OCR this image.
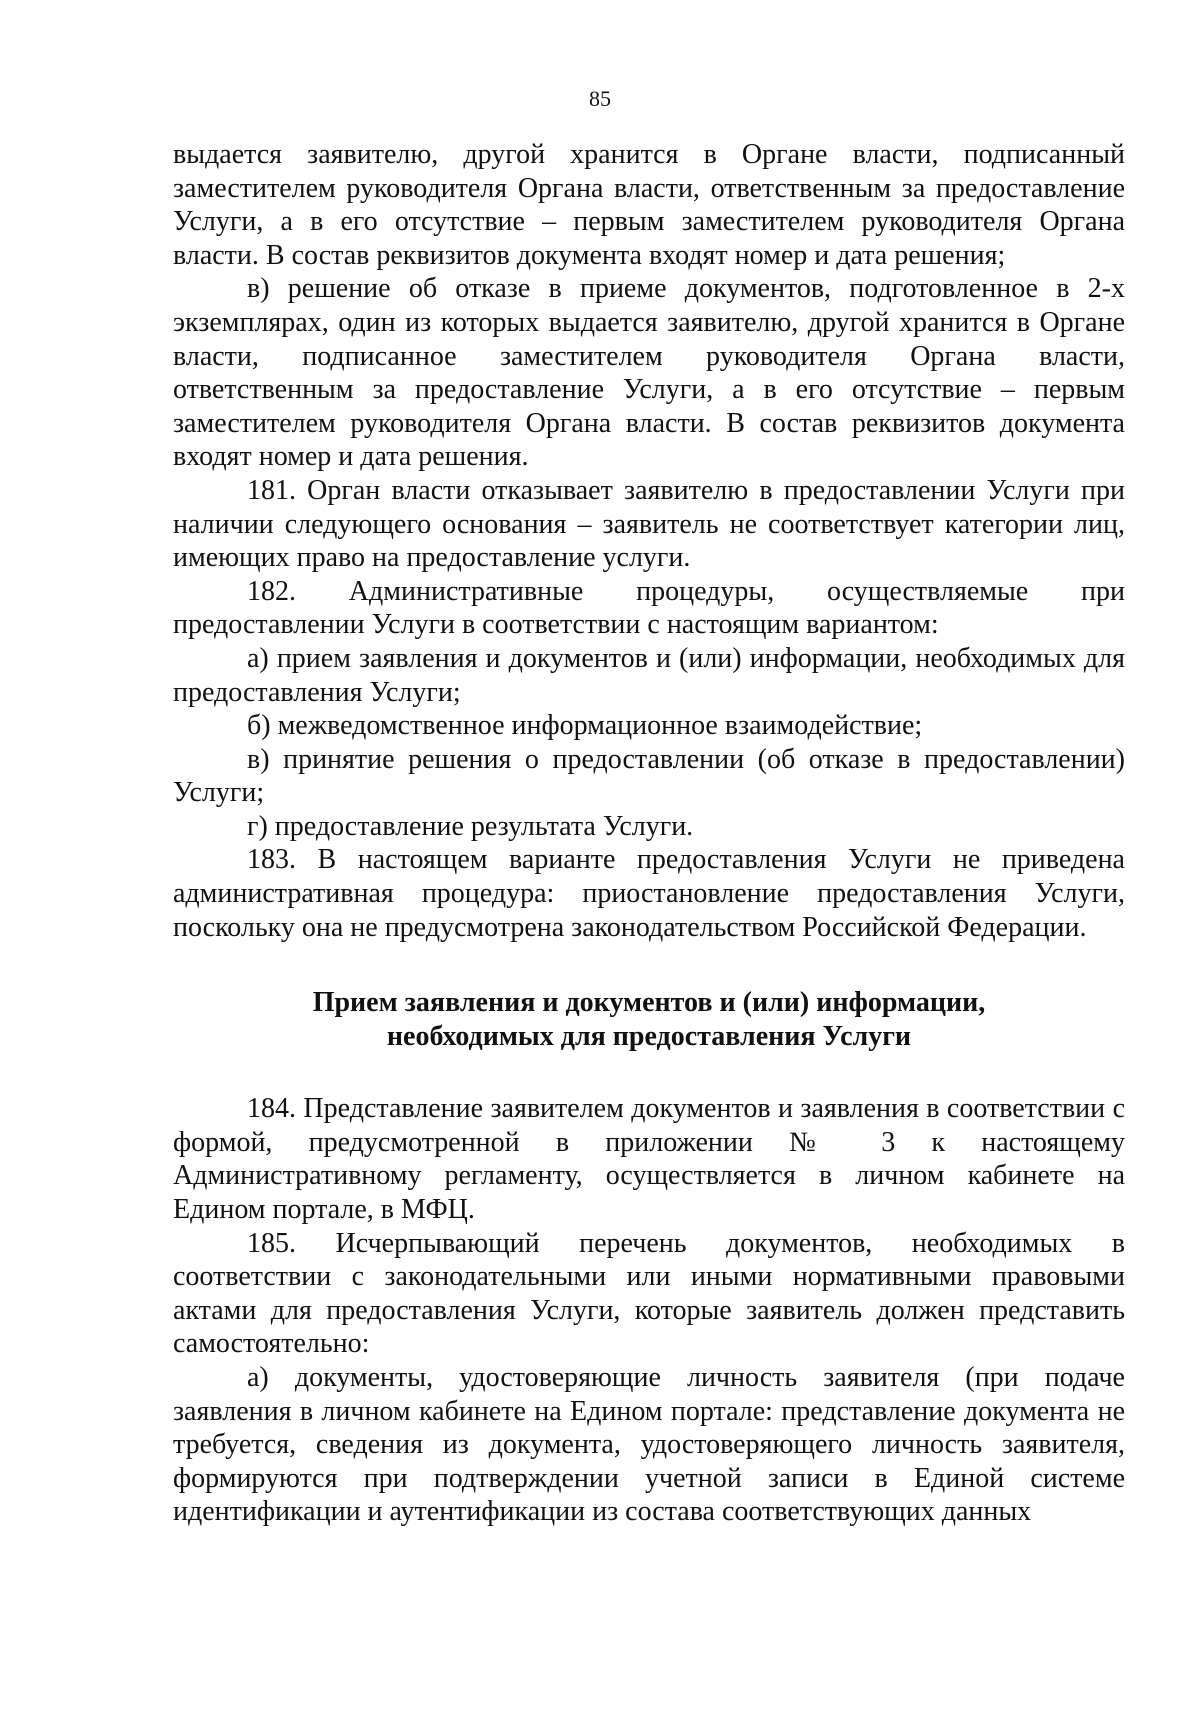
85

выдается заявителю, другой хранится в Органе власти, подписанный заместителем руководителя Органа власти, ответственным за предоставление Услуги, а в его отсутствие – первым заместителем руководителя Органа власти. В состав реквизитов документа входят номер и дата решения;

в) решение об отказе в приеме документов, подготовленное в 2-х экземплярах, один из которых выдается заявителю, другой хранится в Органе власти, подписанное заместителем руководителя Органа власти, ответственным за предоставление Услуги, а в его отсутствие – первым заместителем руководителя Органа власти. В состав реквизитов документа входят номер и дата решения.

181. Орган власти отказывает заявителю в предоставлении Услуги при наличии следующего основания – заявитель не соответствует категории лиц, имеющих право на предоставление услуги.

182. Административные процедуры, осуществляемые при предоставлении Услуги в соответствии с настоящим вариантом:

а) прием заявления и документов и (или) информации, необходимых для предоставления Услуги;

б) межведомственное информационное взаимодействие;

в) принятие решения о предоставлении (об отказе в предоставлении) Услуги;

г) предоставление результата Услуги.

183. В настоящем варианте предоставления Услуги не приведена административная процедура: приостановление предоставления Услуги, поскольку она не предусмотрена законодательством Российской Федерации.

Прием заявления и документов и (или) информации,
необходимых для предоставления Услуги

184. Представление заявителем документов и заявления в соответствии с формой, предусмотренной в приложении № 3 к настоящему Административному регламенту, осуществляется в личном кабинете на Едином портале, в МФЦ.

185. Исчерпывающий перечень документов, необходимых в соответствии с законодательными или иными нормативными правовыми актами для предоставления Услуги, которые заявитель должен представить самостоятельно:

а) документы, удостоверяющие личность заявителя (при подаче заявления в личном кабинете на Едином портале: представление документа не требуется, сведения из документа, удостоверяющего личность заявителя, формируются при подтверждении учетной записи в Единой системе идентификации и аутентификации из состава соответствующих данных
